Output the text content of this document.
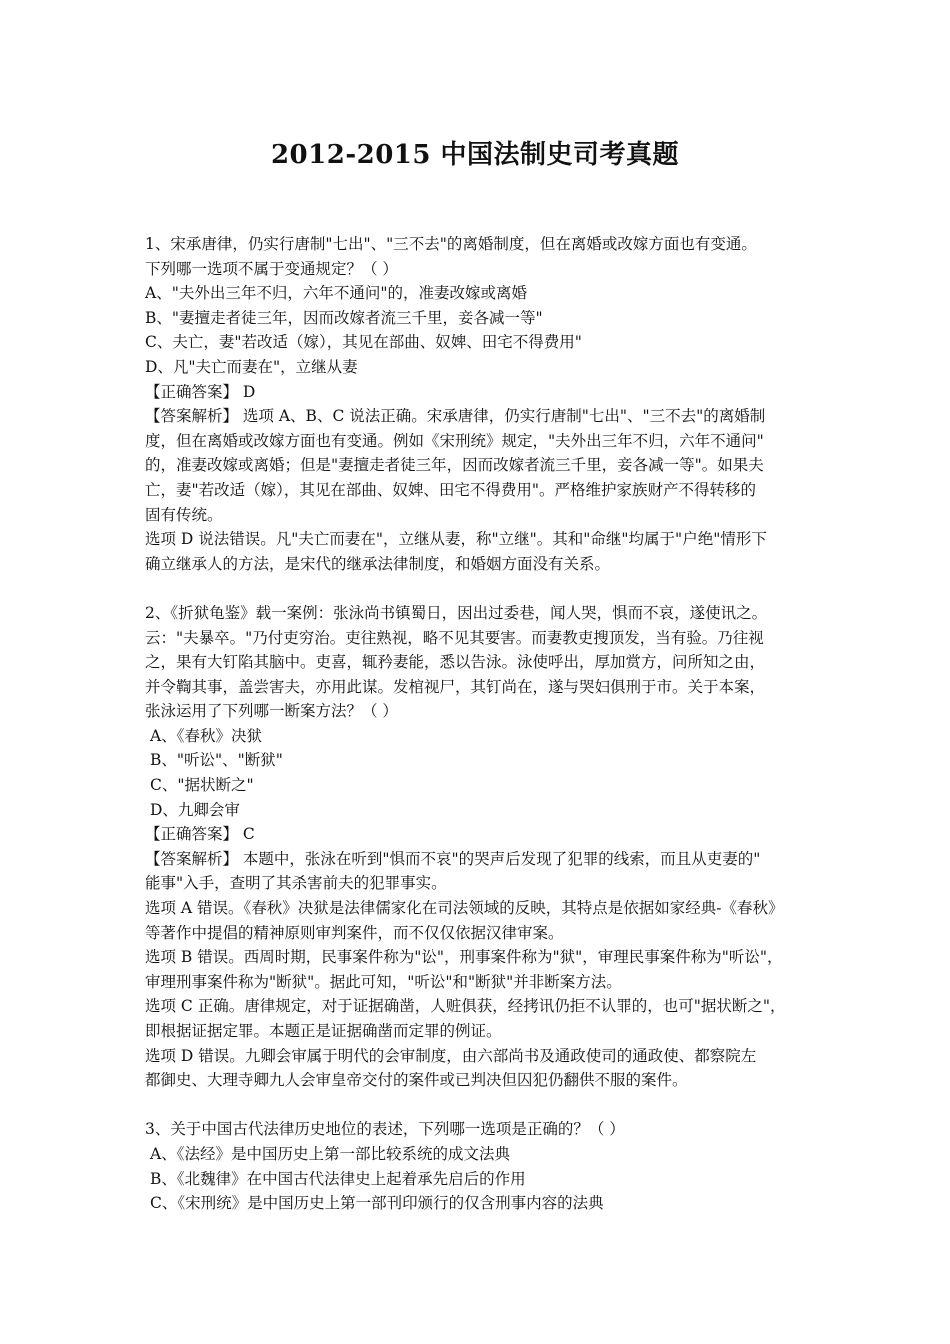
2012-2015 中国法制史司考真题
1、宋承唐律，仍实行唐制"七出"、"三不去"的离婚制度，但在离婚或改嫁方面也有变通。
下列哪一选项不属于变通规定？（ ）
A、"夫外出三年不归，六年不通问"的，准妻改嫁或离婚
B、"妻擅走者徒三年，因而改嫁者流三千里，妾各减一等"
C、夫亡，妻"若改适（嫁），其见在部曲、奴婢、田宅不得费用"
D、凡"夫亡而妻在"，立继从妻
【正确答案】 D
【答案解析】 选项 A、B、C 说法正确。宋承唐律，仍实行唐制"七出"、"三不去"的离婚制
度，但在离婚或改嫁方面也有变通。例如《宋刑统》规定，"夫外出三年不归，六年不通问"
的，准妻改嫁或离婚；但是"妻擅走者徒三年，因而改嫁者流三千里，妾各减一等"。如果夫
亡，妻"若改适（嫁），其见在部曲、奴婢、田宅不得费用"。严格维护家族财产不得转移的
固有传统。
选项 D 说法错误。凡"夫亡而妻在"，立继从妻，称"立继"。其和"命继"均属于"户绝"情形下
确立继承人的方法，是宋代的继承法律制度，和婚姻方面没有关系。
2、《折狱龟鉴》载一案例：张泳尚书镇蜀日，因出过委巷，闻人哭，惧而不哀，遂使讯之。
云："夫暴卒。"乃付吏穷治。吏往熟视，略不见其要害。而妻教吏搜顶发，当有验。乃往视
之，果有大钉陷其脑中。吏喜，辄矜妻能，悉以告泳。泳使呼出，厚加赏方，问所知之由，
并令鞫其事，盖尝害夫，亦用此谋。发棺视尸，其钉尚在，遂与哭妇俱刑于市。关于本案，
张泳运用了下列哪一断案方法？（ ）
A、《春秋》决狱
B、"听讼"、"断狱"
C、"据状断之"
D、九卿会审
【正确答案】 C
【答案解析】 本题中，张泳在听到"惧而不哀"的哭声后发现了犯罪的线索，而且从吏妻的"
能事"入手，查明了其杀害前夫的犯罪事实。
选项 A 错误。《春秋》决狱是法律儒家化在司法领域的反映，其特点是依据如家经典-《春秋》
等著作中提倡的精神原则审判案件，而不仅仅依据汉律审案。
选项 B 错误。西周时期，民事案件称为"讼"，刑事案件称为"狱"，审理民事案件称为"听讼"，
审理刑事案件称为"断狱"。据此可知，"听讼"和"断狱"并非断案方法。
选项 C 正确。唐律规定，对于证据确凿，人赃俱获，经拷讯仍拒不认罪的，也可"据状断之"，
即根据证据定罪。本题正是证据确凿而定罪的例证。
选项 D 错误。九卿会审属于明代的会审制度，由六部尚书及通政使司的通政使、都察院左
都御史、大理寺卿九人会审皇帝交付的案件或已判决但囚犯仍翻供不服的案件。
3、关于中国古代法律历史地位的表述，下列哪一选项是正确的？（ ）
A、《法经》是中国历史上第一部比较系统的成文法典
B、《北魏律》在中国古代法律史上起着承先启后的作用
C、《宋刑统》是中国历史上第一部刊印颁行的仅含刑事内容的法典
